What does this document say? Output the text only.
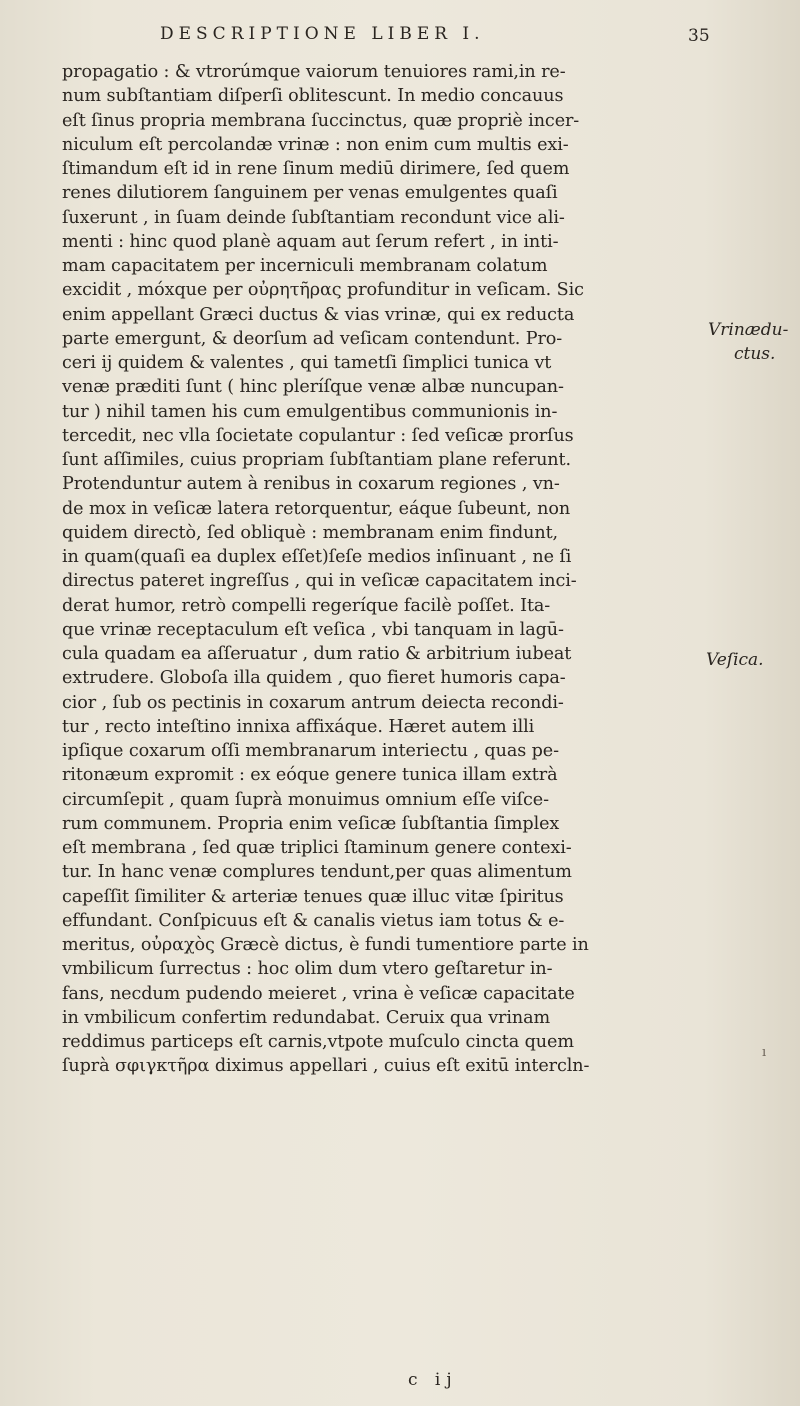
DESCRIPTIONE LIBER I.	35
propagatio : & vtrorúmque vaiorum tenuiores rami,in re-
num subſtantiam diſperſi oblitescunt. In medio concauus
eſt ſinus propria membrana ſuccinctus, quæ propriè incer-
niculum eſt percolandæ vrinæ : non enim cum multis exi-
ſtimandum eſt id in rene ſinum mediū dirimere, ſed quem
renes dilutiorem ſanguinem per venas emulgentes quaſi
ſuxerunt , in ſuam deinde ſubſtantiam recondunt vice ali-
menti : hinc quod planè aquam aut ſerum refert , in inti-
mam capacitatem per incerniculi membranam colatum
excidit , móxque per οὐρητῆρας profunditur in veſicam. Sic
enim appellant Græci ductus & vias vrinæ, qui ex reducta
parte emergunt, & deorſum ad veſicam contendunt. Pro-
ceri ij quidem & valentes , qui tametſi ſimplici tunica vt
venæ præditi ſunt ( hinc pleríſque venæ albæ nuncupan-
tur ) nihil tamen his cum emulgentibus communionis in-
tercedit, nec vlla ſocietate copulantur : ſed veſicæ prorſus
ſunt aſſimiles, cuius propriam ſubſtantiam plane referunt.
Protenduntur autem à renibus in coxarum regiones , vn-
de mox in veſicæ latera retorquentur, eáque ſubeunt, non
quidem directò, ſed obliquè : membranam enim findunt,
in quam(quaſi ea duplex eſſet)ſeſe medios inſinuant , ne ſi
directus pateret ingreſſus , qui in veſicæ capacitatem inci-
derat humor, retrò compelli regeríque facilè poſſet. Ita-
que vrinæ receptaculum eſt veſica , vbi tanquam in lagū-
cula quadam ea aſſeruatur , dum ratio & arbitrium iubeat
extrudere. Globoſa illa quidem , quo fieret humoris capa-
cior , ſub os pectinis in coxarum antrum deiecta recondi-
tur , recto inteſtino innixa affixáque. Hæret autem illi
ipſique coxarum oſſi membranarum interiectu , quas pe-
ritonæum expromit : ex eóque genere tunica illam extrà
circumſepit , quam ſuprà monuimus omnium eſſe viſce-
rum communem. Propria enim veſicæ ſubſtantia ſimplex
eſt membrana , ſed quæ triplici ſtaminum genere contexi-
tur. In hanc venæ complures tendunt,per quas alimentum
capeſſit ſimiliter & arteriæ tenues quæ illuc vitæ ſpiritus
effundant. Conſpicuus eſt & canalis vietus iam totus & e-
meritus, οὐραχὸς Græcè dictus, è fundi tumentiore parte in
vmbilicum ſurrectus : hoc olim dum vtero geſtaretur in-
fans, necdum pudendo meieret , vrina è veſicæ capacitate
in vmbilicum confertim redundabat. Ceruix qua vrinam
reddimus particeps eſt carnis,vtpote muſculo cincta quem
ſuprà σφιγκτῆρα diximus appellari , cuius eſt exitū intercln-
Vrinædu-
ctus.
Veſica.
ı
c ij
